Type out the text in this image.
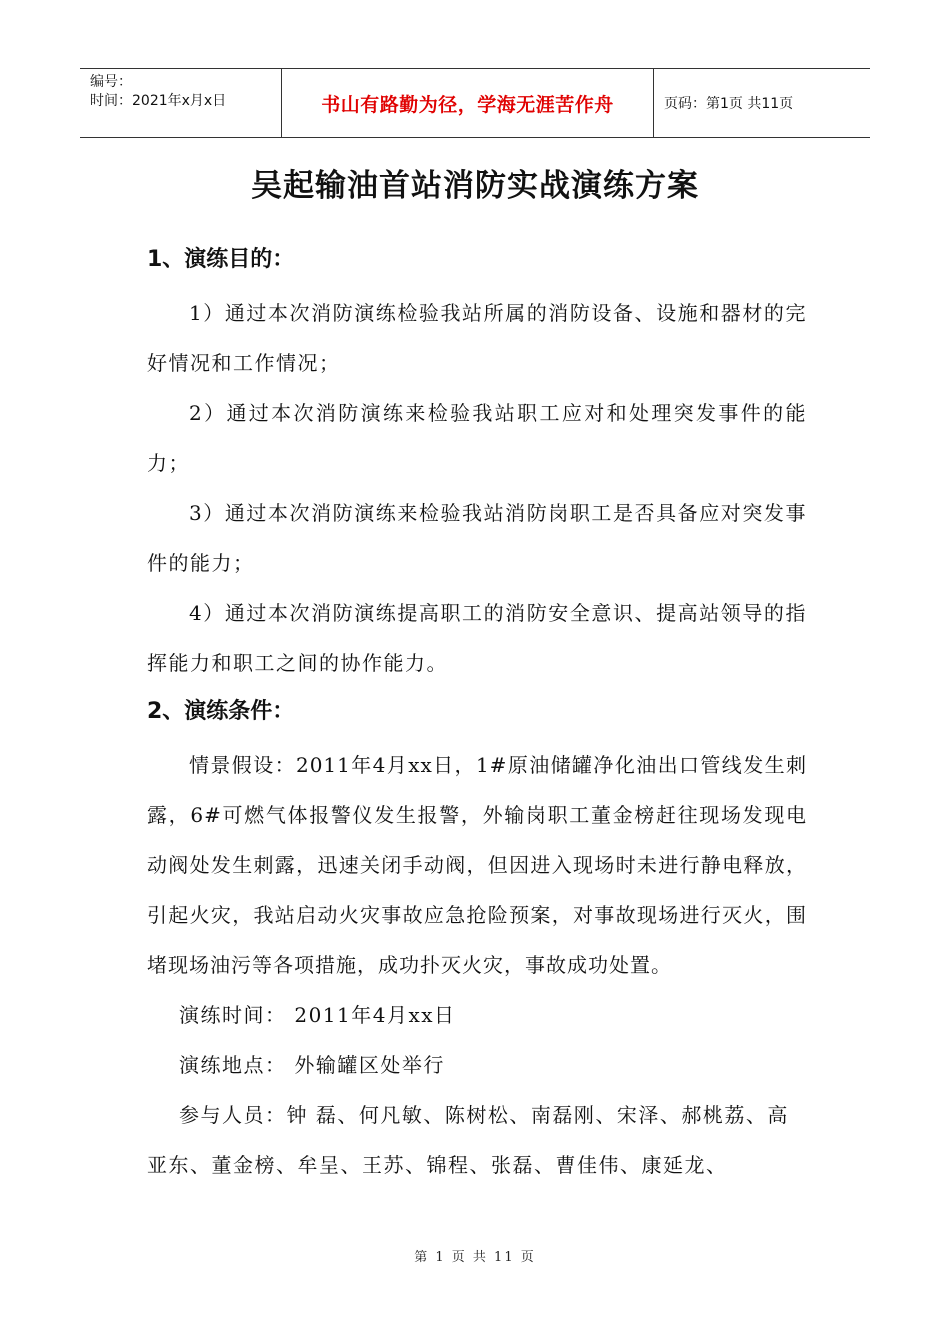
编号：
时间：2021年x月x日	书山有路勤为径，学海无涯苦作舟	页码：第1页 共11页
吴起输油首站消防实战演练方案
1、演练目的：

1）通过本次消防演练检验我站所属的消防设备、设施和器材的完好情况和工作情况；

2）通过本次消防演练来检验我站职工应对和处理突发事件的能力；

3）通过本次消防演练来检验我站消防岗职工是否具备应对突发事件的能力；

4）通过本次消防演练提高职工的消防安全意识、提高站领导的指挥能力和职工之间的协作能力。

2、演练条件：

情景假设：2011年4月xx日，1#原油储罐净化油出口管线发生刺露，6#可燃气体报警仪发生报警，外输岗职工董金榜赶往现场发现电动阀处发生刺露，迅速关闭手动阀，但因进入现场时未进行静电释放，引起火灾，我站启动火灾事故应急抢险预案，对事故现场进行灭火，围堵现场油污等各项措施，成功扑灭火灾，事故成功处置。

演练时间： 2011年4月xx日

演练地点： 外输罐区处举行

参与人员：钟 磊、何凡敏、陈树松、南磊刚、宋泽、郝桃荔、高亚东、董金榜、牟呈、王苏、锦程、张磊、曹佳伟、康延龙、

第 1 页 共 11 页
